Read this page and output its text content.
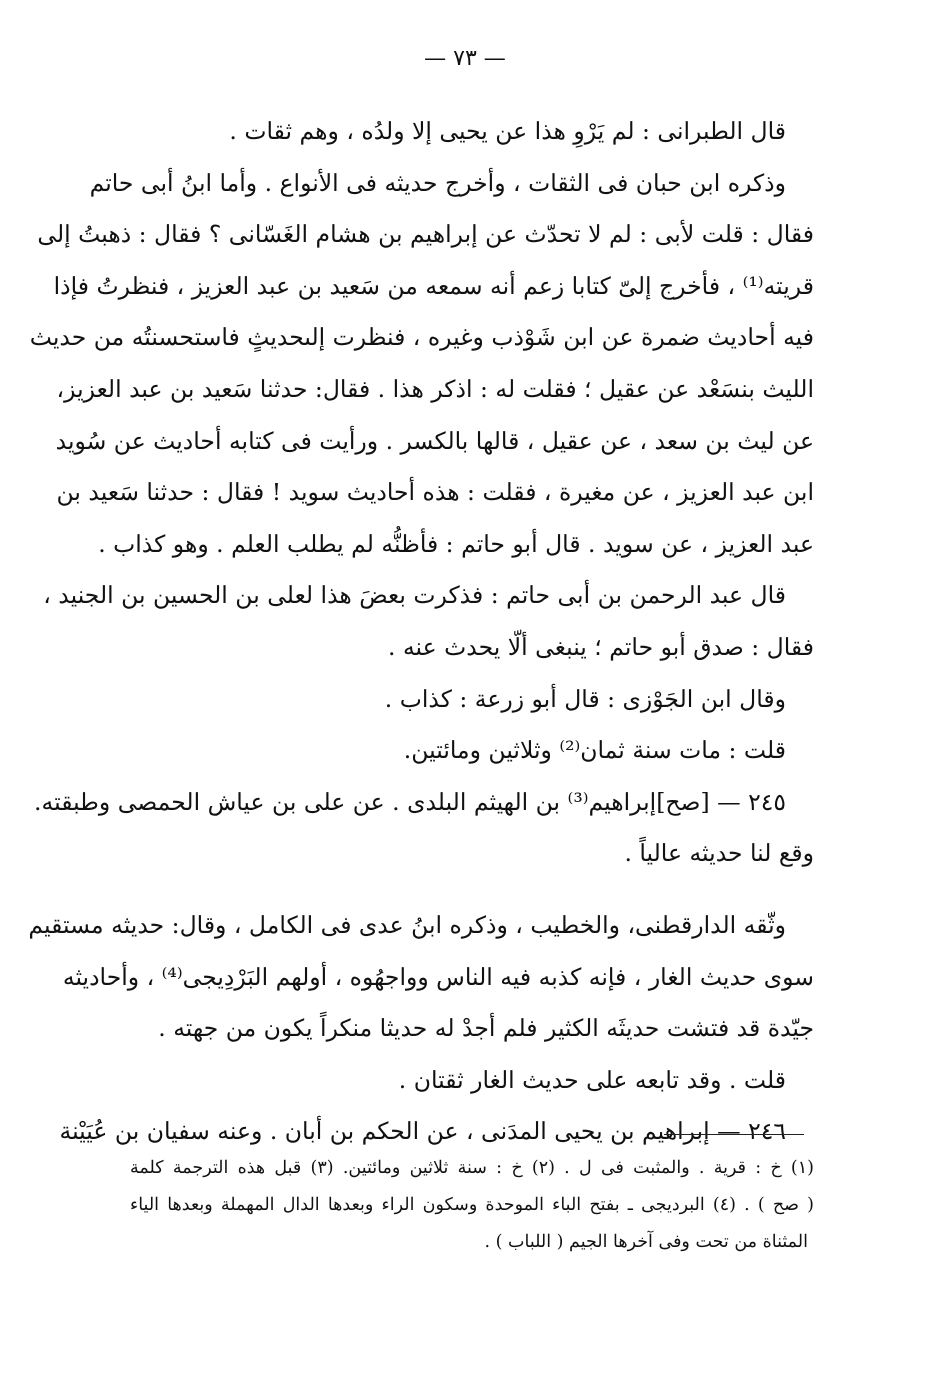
— ٧٣ —
قال الطبرانى : لم يَرْوِ هذا عن يحيى إلا ولدُه ، وهم ثقات .
وذكره ابن حبان فى الثقات ، وأخرج حديثه فى الأنواع . وأما ابنُ أبى حاتم
فقال : قلت لأبى : لم لا تحدّث عن إبراهيم بن هشام الغَسّانى ؟ فقال : ذهبتُ إلى
قريته⁽¹⁾ ، فأخرج إلىّ كتابا زعم أنه سمعه من سَعيد بن عبد العزيز ، فنظرتُ فإذا
فيه أحاديث ضمرة عن ابن شَوْذب وغيره ، فنظرت إلىحديثٍ فاستحسنتُه من حديث
الليث بنسَعْد عن عقيل ؛ فقلت له : اذكر هذا . فقال: حدثنا سَعيد بن عبد العزيز،
عن ليث بن سعد ، عن عقيل ، قالها بالكسر . ورأيت فى كتابه أحاديث عن سُويد
ابن عبد العزيز ، عن مغيرة ، فقلت : هذه أحاديث سويد ! فقال : حدثنا سَعيد بن
عبد العزيز ، عن سويد . قال أبو حاتم : فأظنُّه لم يطلب العلم . وهو كذاب .
قال عبد الرحمن بن أبى حاتم : فذكرت بعضَ هذا لعلى بن الحسين بن الجنيد ،
فقال : صدق أبو حاتم ؛ ينبغى ألّا يحدث عنه .
وقال ابن الجَوْزى : قال أبو زرعة : كذاب .
قلت : مات سنة ثمان⁽²⁾ وثلاثين ومائتين.
٢٤٥ — [صح]إبراهيم⁽³⁾ بن الهيثم البلدى . عن على بن عياش الحمصى وطبقته.
وقع لنا حديثه عالياً .
وثّقه الدارقطنى، والخطيب ، وذكره ابنُ عدى فى الكامل ، وقال: حديثه مستقيم
سوى حديث الغار ، فإنه كذبه فيه الناس وواجهُوه ، أولهم البَرْدِيجى⁽⁴⁾ ، وأحاديثه
جيّدة قد فتشت حديثَه الكثير فلم أجدْ له حديثا منكراً يكون من جهته .
قلت . وقد تابعه على حديث الغار ثقتان .
٢٤٦ — إبراهيم بن يحيى المدَنى ، عن الحكم بن أبان . وعنه سفيان بن عُيَيْنة
(١) خ : قرية . والمثبت فى ل . (٢) خ : سنة ثلاثين ومائتين. (٣) قبل هذه الترجمة كلمة
( صح ) . (٤) البرديجى ـ بفتح الباء الموحدة وسكون الراء وبعدها الدال المهملة وبعدها الياء
المثناة من تحت وفى آخرها الجيم ( اللباب ) .
